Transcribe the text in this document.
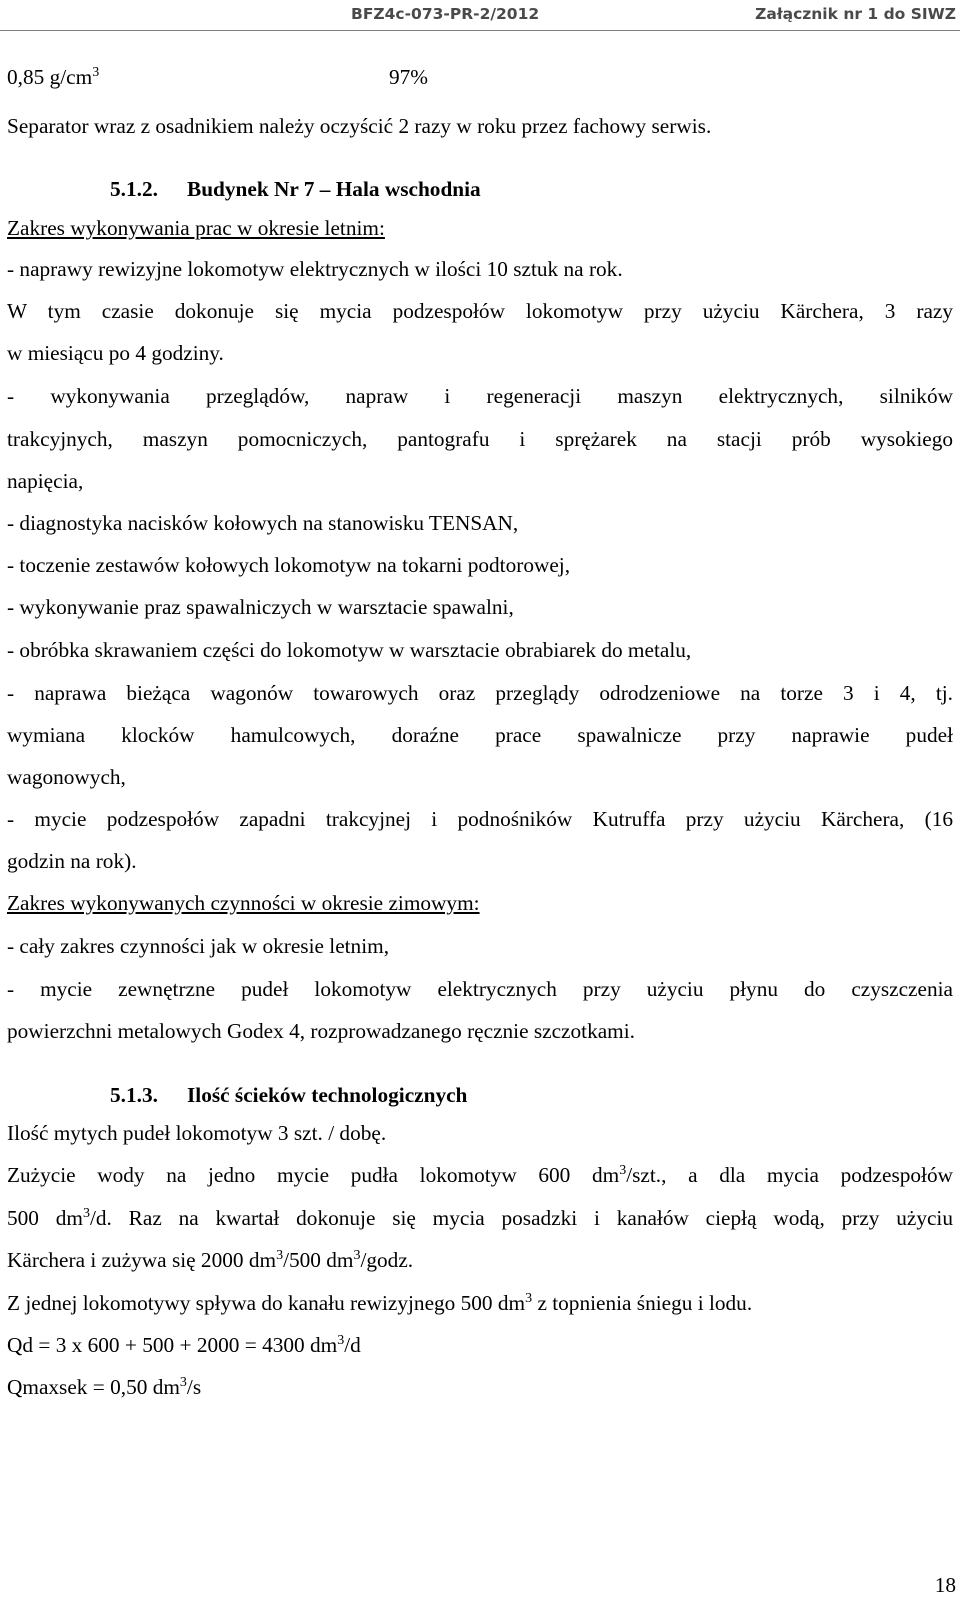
BFZ4c-073-PR-2/2012	Załącznik nr 1 do SIWZ
0,85 $g/cm^3$	97%
Separator wraz z osadnikiem należy oczyścić 2 razy w roku przez fachowy serwis.
5.1.2. Budynek Nr 7 – Hala wschodnia
Zakres wykonywania prac w okresie letnim:
- naprawy rewizyjne lokomotyw elektrycznych w ilości 10 sztuk na rok.
W tym czasie dokonuje się mycia podzespołów lokomotyw przy użyciu Kärchera, 3 razy
w miesiącu po 4 godziny.
- wykonywania przeglądów, napraw i regeneracji maszyn elektrycznych, silników
trakcyjnych, maszyn pomocniczych, pantografu i sprężarek na stacji prób wysokiego
napięcia,
- diagnostyka nacisków kołowych na stanowisku TENSAN,
- toczenie zestawów kołowych lokomotyw na tokarni podtorowej,
- wykonywanie praz spawalniczych w warsztacie spawalni,
- obróbka skrawaniem części do lokomotyw w warsztacie obrabiarek do metalu,
- naprawa bieżąca wagonów towarowych oraz przeglądy odrodzeniowe na torze 3 i 4, tj.
wymiana klocków hamulcowych, doraźne prace spawalnicze przy naprawie pudeł
wagonowych,
- mycie podzespołów zapadni trakcyjnej i podnośników Kutruffa przy użyciu Kärchera, (16
godzin na rok).
Zakres wykonywanych czynności w okresie zimowym:
- cały zakres czynności jak w okresie letnim,
- mycie zewnętrzne pudeł lokomotyw elektrycznych przy użyciu płynu do czyszczenia
powierzchni metalowych Godex 4, rozprowadzanego ręcznie szczotkami.
5.1.3. Ilość ścieków technologicznych
Ilość mytych pudeł lokomotyw 3 szt. / dobę.
Zużycie wody na jedno mycie pudła lokomotyw 600 $dm^3$/szt., a dla mycia podzespołów
500 $dm^3/d$. Raz na kwartał dokonuje się mycia posadzki i kanałów ciepłą wodą, przy użyciu
Kärchera i zużywa się 2000 $dm^3/500$ $dm^3$/godz.
Z jednej lokomotywy spływa do kanału rewizyjnego 500 $dm^3$ z topnienia śniegu i lodu.
Qd = 3 x 600 + 500 + 2000 = 4300 $dm^3/d$
Qmaxsek = 0,50 $dm^3/s$
18
